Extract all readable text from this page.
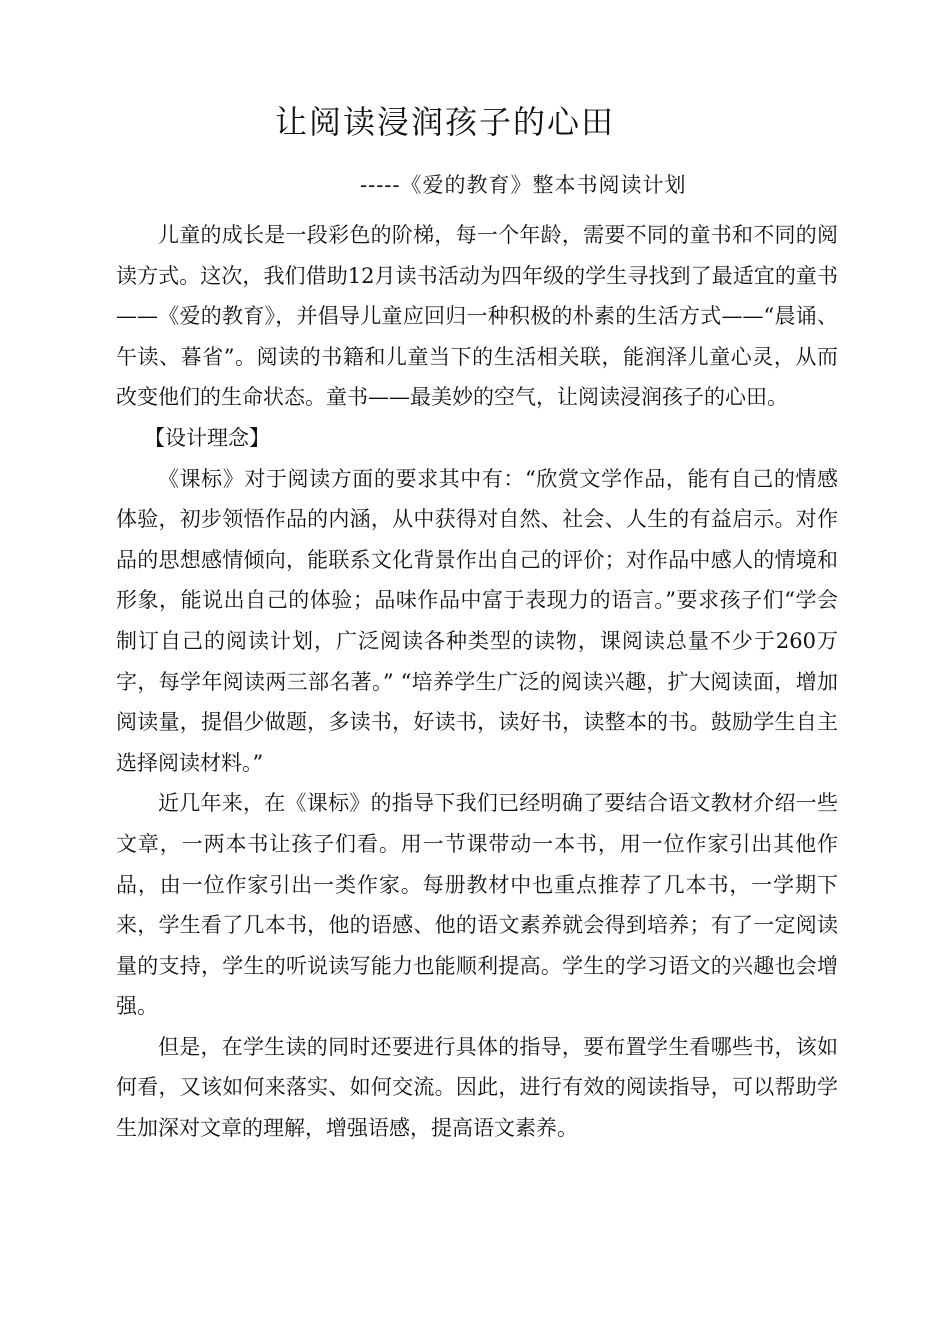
让阅读浸润孩子的心田

-----《爱的教育》整本书阅读计划

儿童的成长是一段彩色的阶梯，每一个年龄，需要不同的童书和不同的阅读方式。这次，我们借助12月读书活动为四年级的学生寻找到了最适宜的童书——《爱的教育》，并倡导儿童应回归一种积极的朴素的生活方式——“晨诵、午读、暮省”。阅读的书籍和儿童当下的生活相关联，能润泽儿童心灵，从而改变他们的生命状态。童书——最美妙的空气，让阅读浸润孩子的心田。

【设计理念】

《课标》对于阅读方面的要求其中有：“欣赏文学作品，能有自己的情感体验，初步领悟作品的内涵，从中获得对自然、社会、人生的有益启示。对作品的思想感情倾向，能联系文化背景作出自己的评价；对作品中感人的情境和形象，能说出自己的体验；品味作品中富于表现力的语言。”要求孩子们“学会制订自己的阅读计划，广泛阅读各种类型的读物，课阅读总量不少于260万字，每学年阅读两三部名著。” “培养学生广泛的阅读兴趣，扩大阅读面，增加阅读量，提倡少做题，多读书，好读书，读好书，读整本的书。鼓励学生自主选择阅读材料。”

近几年来，在《课标》的指导下我们已经明确了要结合语文教材介绍一些文章，一两本书让孩子们看。用一节课带动一本书，用一位作家引出其他作品，由一位作家引出一类作家。每册教材中也重点推荐了几本书，一学期下来，学生看了几本书，他的语感、他的语文素养就会得到培养；有了一定阅读量的支持，学生的听说读写能力也能顺利提高。学生的学习语文的兴趣也会增强。

但是，在学生读的同时还要进行具体的指导，要布置学生看哪些书，该如何看，又该如何来落实、如何交流。因此，进行有效的阅读指导，可以帮助学生加深对文章的理解，增强语感，提高语文素养。
